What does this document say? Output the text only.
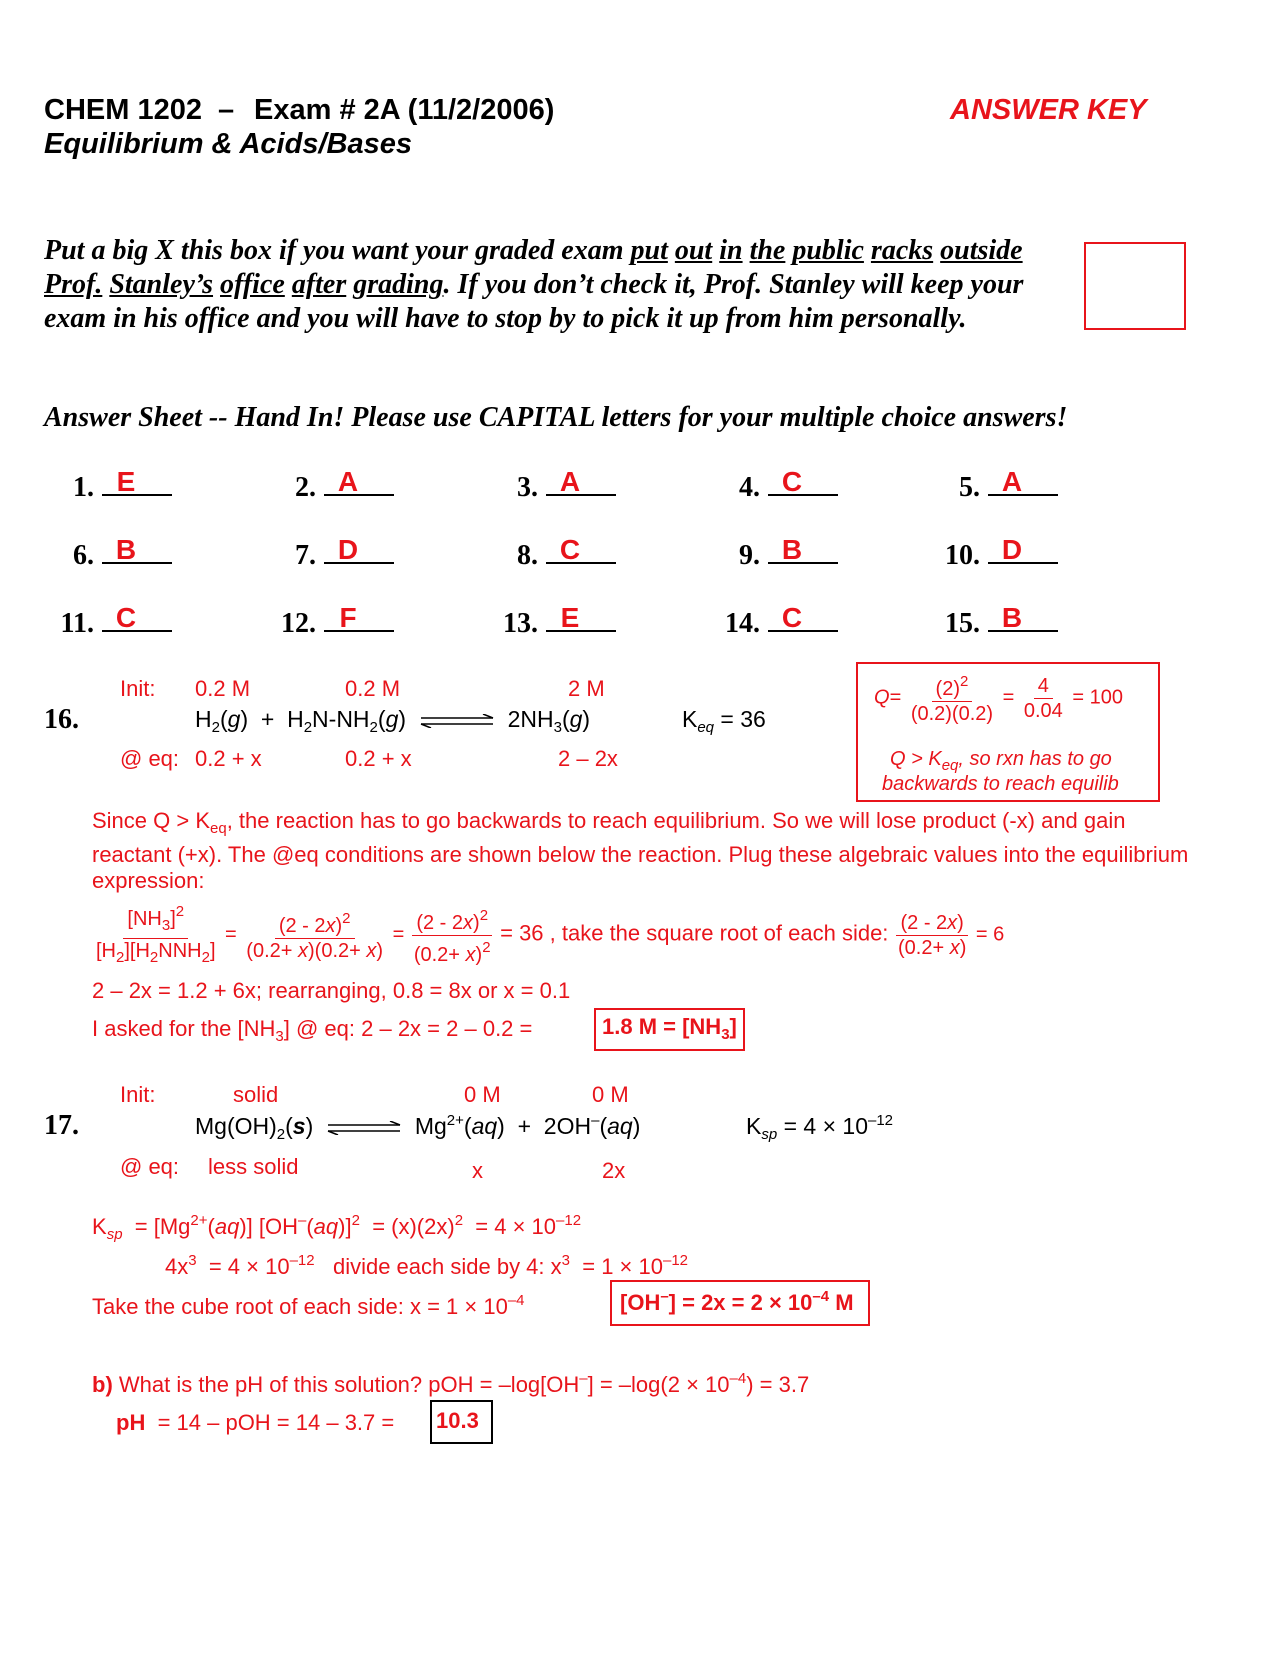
CHEM 1202 – Exam # 2A (11/2/2006)
Equilibrium & Acids/Bases
ANSWER KEY
Put a big X this box if you want your graded exam put out in the public racks outside Prof. Stanley’s office after grading. If you don’t check it, Prof. Stanley will keep your exam in his office and you will have to stop by to pick it up from him personally.
Answer Sheet -- Hand In! Please use CAPITAL letters for your multiple choice answers!
1. E	2. A	3. A	4. C	5. A
6. B	7. D	8. C	9. B	10. D
11. C	12. F	13. E	14. C	15. B
16.
Init: 0.2 M	0.2 M	2 M
$H_2(g) + H_2N-NH_2(g)$ ⇌ $2NH_3(g)$	$K_{eq} = 36$
@ eq: 0.2 + x	0.2 + x	2 – 2x
$Q= \frac{(2)^2}{(0.2)(0.2)} = \frac{4}{0.04} = 100$
$Q > K_{eq}$, so rxn has to go
backwards to reach equilib
Since $Q > K_{eq}$, the reaction has to go backwards to reach equilibrium. So we will lose product (-x) and gain reactant (+x). The @eq conditions are shown below the reaction. Plug these algebraic values into the equilibrium expression:
$\frac{[NH_3]^2}{[H_2][H_2NNH_2]} = \frac{(2 - 2x)^2}{(0.2+ x)(0.2+ x)} = \frac{(2 - 2x)^2}{(0.2+ x)^2} = 36$ , take the square root of each side: $\frac{(2 - 2x)}{(0.2+ x)} = 6$
2 – 2x = 1.2 + 6x; rearranging, 0.8 = 8x or x = 0.1
I asked for the $[NH_3]$ @ eq: 2 – 2x = 2 – 0.2 =	1.8 $M = [NH_3]$
17.
Init:	solid	0 M	0 M
$Mg(OH)_2(s)$ ⇌ $Mg^{2+}(aq) + 2OH^-(aq)$	$K_{sp} = 4 \times 10^{-12}$
@ eq: less solid	x	2x
$K_{sp} = [Mg^{2+}(aq)] [OH^-(aq)]^2 = (x)(2x)^2 = 4 \times 10^{-12}$
$4x^3 = 4 \times 10^{-12}$ divide each side by 4: $x^3 = 1 \times 10^{-12}$
Take the cube root of each side: $x = 1 \times 10^{-4}$	$[OH^-] = 2x = 2 \times 10^{-4}$ M
b) What is the pH of this solution? pOH = $-\log[OH^-] = -\log(2 \times 10^{-4}) = 3.7$
pH = 14 – pOH = 14 – 3.7 = 10.3
